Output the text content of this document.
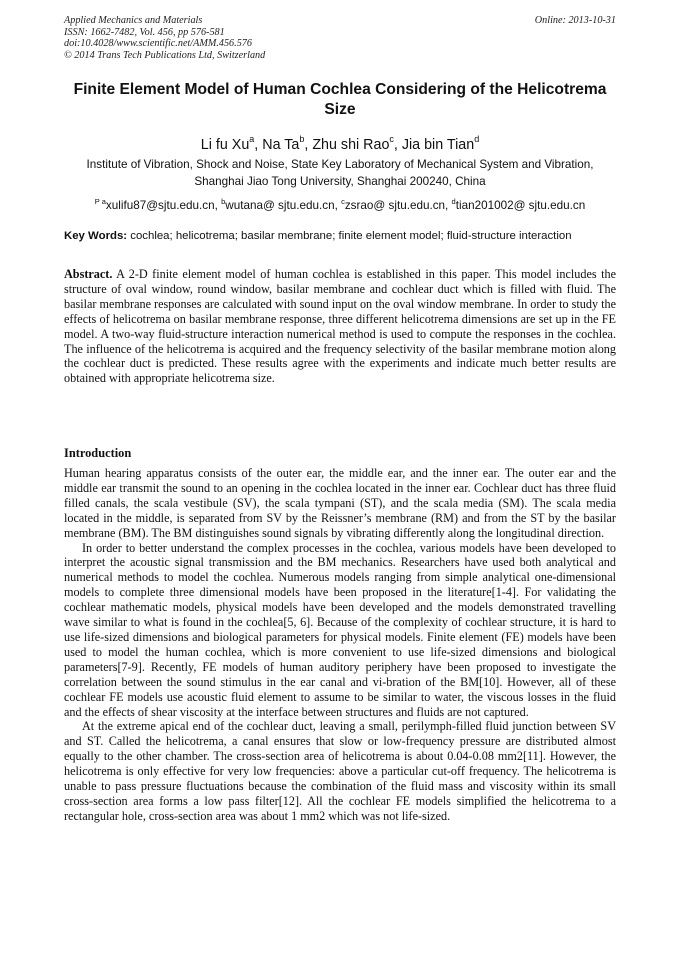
Applied Mechanics and Materials	Online: 2013-10-31
ISSN: 1662-7482, Vol. 456, pp 576-581
doi:10.4028/www.scientific.net/AMM.456.576
© 2014 Trans Tech Publications Ltd, Switzerland
Finite Element Model of Human Cochlea Considering of the Helicotrema Size
Li fu Xu$^a$, Na Ta$^b$, Zhu shi Rao$^c$, Jia bin Tian$^d$
Institute of Vibration, Shock and Noise, State Key Laboratory of Mechanical System and Vibration, Shanghai Jiao Tong University, Shanghai 200240, China
$^{P a}$xulifu87@sjtu.edu.cn, $^b$wutana@ sjtu.edu.cn, $^c$zsrao@ sjtu.edu.cn, $^d$tian201002@ sjtu.edu.cn
Key Words: cochlea; helicotrema; basilar membrane; finite element model; fluid-structure interaction
Abstract. A 2-D finite element model of human cochlea is established in this paper. This model includes the structure of oval window, round window, basilar membrane and cochlear duct which is filled with fluid. The basilar membrane responses are calculated with sound input on the oval window membrane. In order to study the effects of helicotrema on basilar membrane response, three different helicotrema dimensions are set up in the FE model. A two-way fluid-structure interaction numerical method is used to compute the responses in the cochlea. The influence of the helicotrema is acquired and the frequency selectivity of the basilar membrane motion along the cochlear duct is predicted. These results agree with the experiments and indicate much better results are obtained with appropriate helicotrema size.
Introduction

Human hearing apparatus consists of the outer ear, the middle ear, and the inner ear. The outer ear and the middle ear transmit the sound to an opening in the cochlea located in the inner ear. Cochlear duct has three fluid filled canals, the scala vestibule (SV), the scala tympani (ST), and the scala media (SM). The scala media located in the middle, is separated from SV by the Reissner’s membrane (RM) and from the ST by the basilar membrane (BM). The BM distinguishes sound signals by vibrating differently along the longitudinal direction.

In order to better understand the complex processes in the cochlea, various models have been developed to interpret the acoustic signal transmission and the BM mechanics. Researchers have used both analytical and numerical methods to model the cochlea. Numerous models ranging from simple analytical one-dimensional models to complete three dimensional models have been proposed in the literature[1-4]. For validating the cochlear mathematic models, physical models have been developed and the models demonstrated travelling wave similar to what is found in the cochlea[5, 6]. Because of the complexity of cochlear structure, it is hard to use life-sized dimensions and biological parameters for physical models. Finite element (FE) models have been used to model the human cochlea, which is more convenient to use life-sized dimensions and biological parameters[7-9]. Recently, FE models of human auditory periphery have been proposed to investigate the correlation between the sound stimulus in the ear canal and vi-bration of the BM[10]. However, all of these cochlear FE models use acoustic fluid element to assume to be similar to water, the viscous losses in the fluid and the effects of shear viscosity at the interface between structures and fluids are not captured.

At the extreme apical end of the cochlear duct, leaving a small, perilymph-filled fluid junction between SV and ST. Called the helicotrema, a canal ensures that slow or low-frequency pressure are distributed almost equally to the other chamber. The cross-section area of helicotrema is about 0.04-0.08 mm2[11]. However, the helicotrema is only effective for very low frequencies: above a particular cut-off frequency. The helicotrema is unable to pass pressure fluctuations because the combination of the fluid mass and viscosity within its small cross-section area forms a low pass filter[12]. All the cochlear FE models simplified the helicotrema to a rectangular hole, cross-section area was about 1 mm2 which was not life-sized.
